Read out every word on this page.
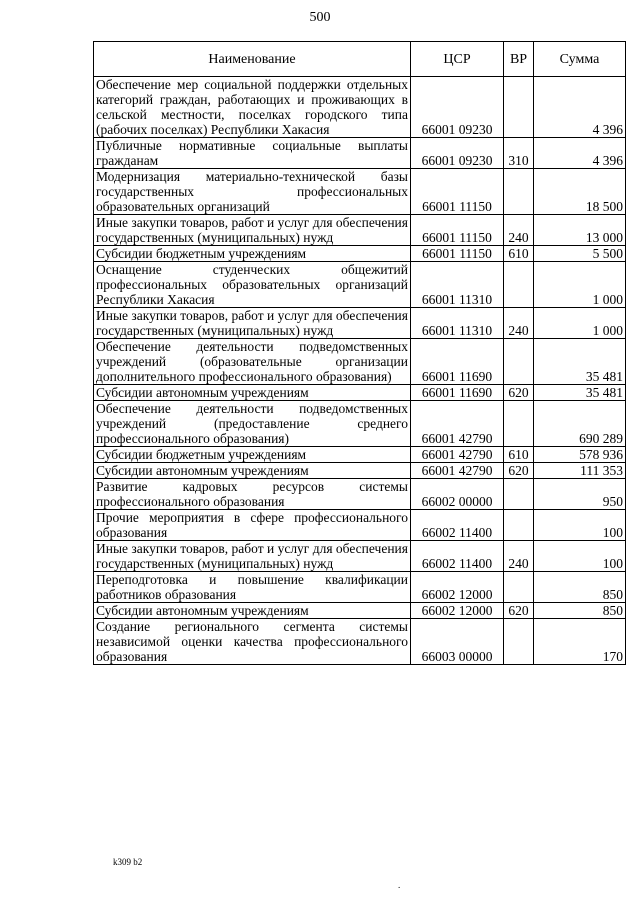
500
Наименование	ЦСР	ВР	Сумма
Обеспечение мер социальной поддержки отдельных категорий граждан, работающих и проживающих в сельской местности, поселках городского типа (рабочих поселках) Республики Хакасия	66001 09230		4 396
Публичные нормативные социальные выплаты гражданам	66001 09230	310	4 396
Модернизация материально-технической базы государственных профессиональных образовательных организаций	66001 11150		18 500
Иные закупки товаров, работ и услуг для обеспечения государственных (муниципальных) нужд	66001 11150	240	13 000
Субсидии бюджетным учреждениям	66001 11150	610	5 500
Оснащение студенческих общежитий профессиональных образовательных организаций Республики Хакасия	66001 11310		1 000
Иные закупки товаров, работ и услуг для обеспечения государственных (муниципальных) нужд	66001 11310	240	1 000
Обеспечение деятельности подведомственных учреждений (образовательные организации дополнительного профессионального образования)	66001 11690		35 481
Субсидии автономным учреждениям	66001 11690	620	35 481
Обеспечение деятельности подведомственных учреждений (предоставление среднего профессионального образования)	66001 42790		690 289
Субсидии бюджетным учреждениям	66001 42790	610	578 936
Субсидии автономным учреждениям	66001 42790	620	111 353
Развитие кадровых ресурсов системы профессионального образования	66002 00000		950
Прочие мероприятия в сфере профессионального образования	66002 11400		100
Иные закупки товаров, работ и услуг для обеспечения государственных (муниципальных) нужд	66002 11400	240	100
Переподготовка и повышение квалификации работников образования	66002 12000		850
Субсидии автономным учреждениям	66002 12000	620	850
Создание регионального сегмента системы независимой оценки качества профессионального образования	66003 00000		170
k309 b2
.
